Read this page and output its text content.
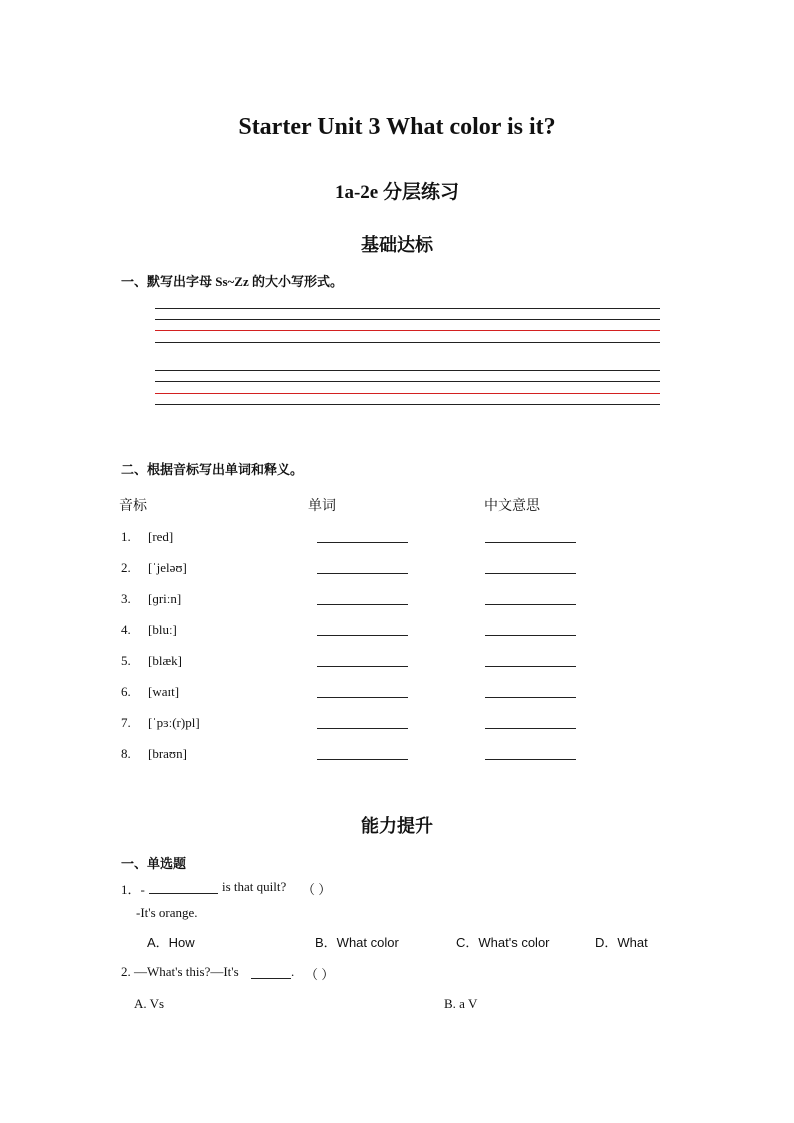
Starter Unit 3 What color is it?
1a-2e 分层练习
基础达标
一、默写出字母 Ss~Zz 的大小写形式。
二、根据音标写出单词和释义。
音标	单词	中文意思
1. [red]
2. [ˈjeləʊ]
3. [ɡriːn]
4. [bluː]
5. [blæk]
6. [waɪt]
7. [ˈpɜː(r)pl]
8. [braʊn]
能力提升
一、单选题
1．-	is that quilt? （ ）
-It's orange.
A．How	B．What color	C．What's color	D．What
2. —What's this?—It's	. （ ）
A. Vs	B. a V
